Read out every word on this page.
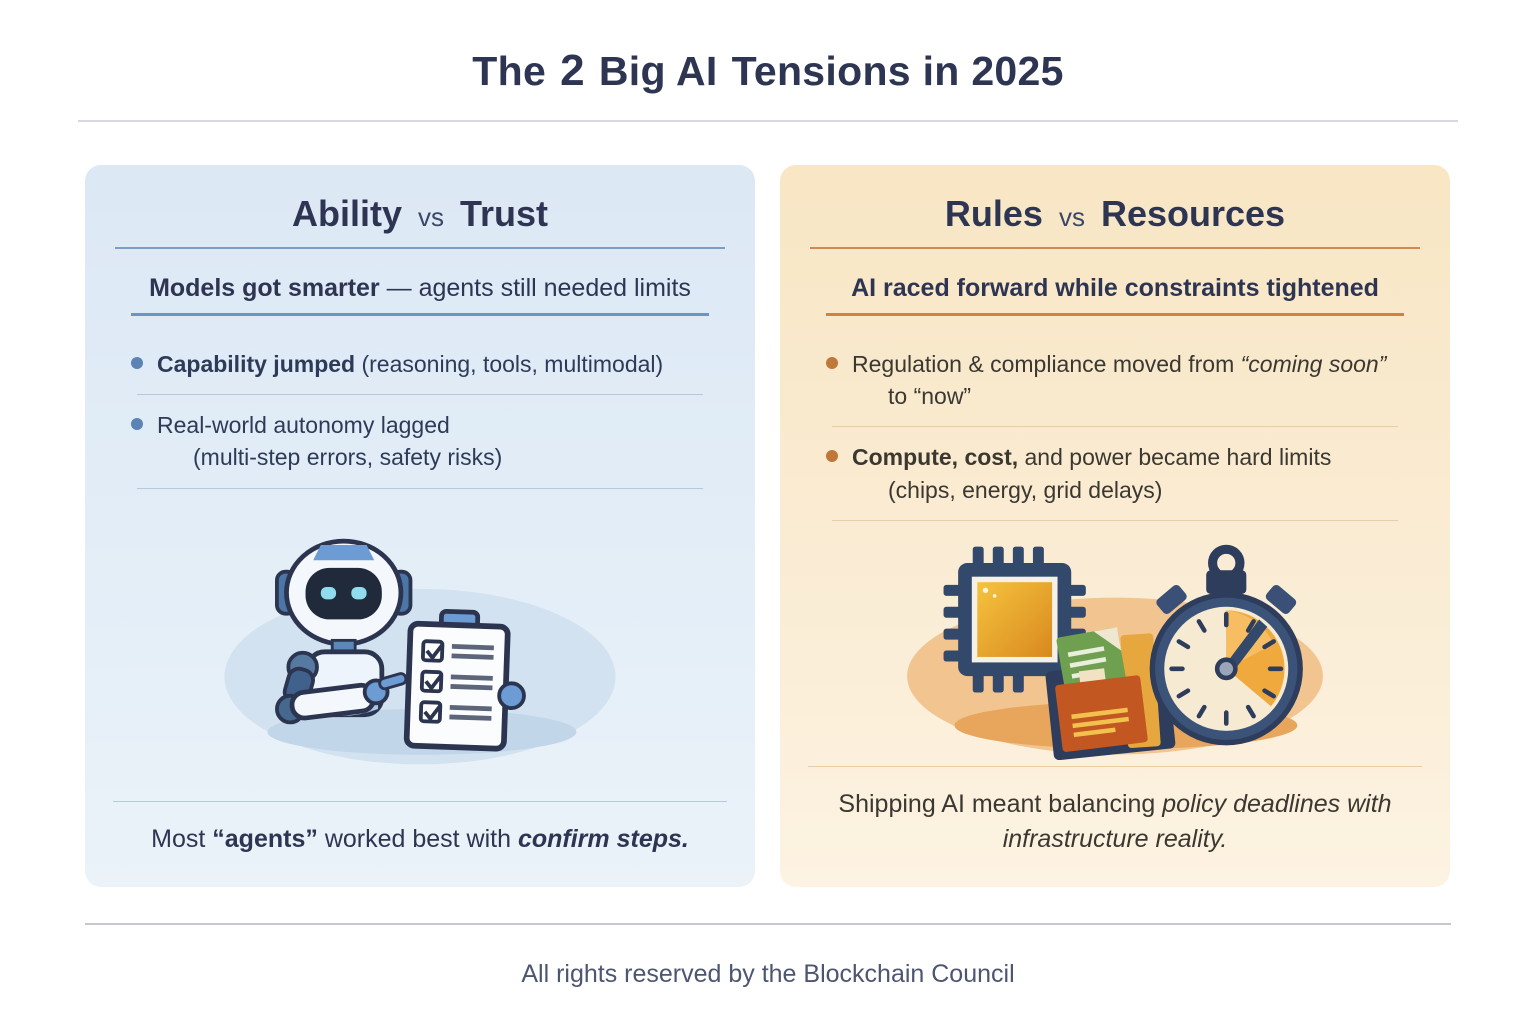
The 2 Big AI Tensions in 2025
Ability vs Trust

Models got smarter — agents still needed limits

Capability jumped (reasoning, tools, multimodal)
Real-world autonomy lagged
(multi-step errors, safety risks)

Most “agents” worked best with confirm steps.

Rules vs Resources

AI raced forward while constraints tightened

Regulation & compliance moved from “coming soon”
to “now”
Compute, cost, and power became hard limits
(chips, energy, grid delays)

Shipping AI meant balancing policy deadlines with infrastructure reality.

All rights reserved by the Blockchain Council
